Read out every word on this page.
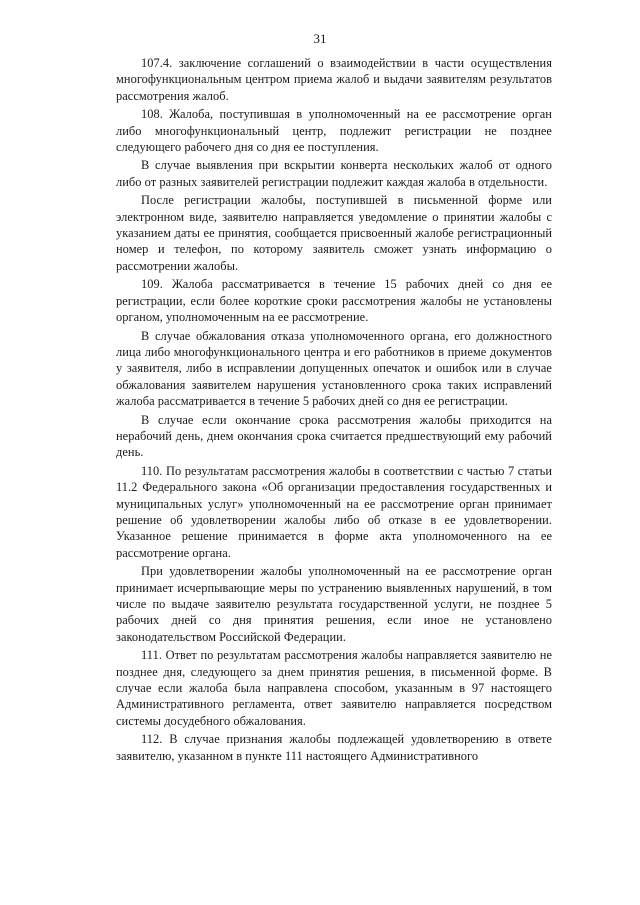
31

107.4. заключение соглашений о взаимодействии в части осуществления многофункциональным центром приема жалоб и выдачи заявителям результатов рассмотрения жалоб.

108. Жалоба, поступившая в уполномоченный на ее рассмотрение орган либо многофункциональный центр, подлежит регистрации не позднее следующего рабочего дня со дня ее поступления.

В случае выявления при вскрытии конверта нескольких жалоб от одного либо от разных заявителей регистрации подлежит каждая жалоба в отдельности.

После регистрации жалобы, поступившей в письменной форме или электронном виде, заявителю направляется уведомление о принятии жалобы с указанием даты ее принятия, сообщается присвоенный жалобе регистрационный номер и телефон, по которому заявитель сможет узнать информацию о рассмотрении жалобы.

109. Жалоба рассматривается в течение 15 рабочих дней со дня ее регистрации, если более короткие сроки рассмотрения жалобы не установлены органом, уполномоченным на ее рассмотрение.

В случае обжалования отказа уполномоченного органа, его должностного лица либо многофункционального центра и его работников в приеме документов у заявителя, либо в исправлении допущенных опечаток и ошибок или в случае обжалования заявителем нарушения установленного срока таких исправлений жалоба рассматривается в течение 5 рабочих дней со дня ее регистрации.

В случае если окончание срока рассмотрения жалобы приходится на нерабочий день, днем окончания срока считается предшествующий ему рабочий день.

110. По результатам рассмотрения жалобы в соответствии с частью 7 статьи 11.2 Федерального закона «Об организации предоставления государственных и муниципальных услуг» уполномоченный на ее рассмотрение орган принимает решение об удовлетворении жалобы либо об отказе в ее удовлетворении. Указанное решение принимается в форме акта уполномоченного на ее рассмотрение органа.

При удовлетворении жалобы уполномоченный на ее рассмотрение орган принимает исчерпывающие меры по устранению выявленных нарушений, в том числе по выдаче заявителю результата государственной услуги, не позднее 5 рабочих дней со дня принятия решения, если иное не установлено законодательством Российской Федерации.

111. Ответ по результатам рассмотрения жалобы направляется заявителю не позднее дня, следующего за днем принятия решения, в письменной форме. В случае если жалоба была направлена способом, указанным в 97 настоящего Административного регламента, ответ заявителю направляется посредством системы досудебного обжалования.

112. В случае признания жалобы подлежащей удовлетворению в ответе заявителю, указанном в пункте 111 настоящего Административного
